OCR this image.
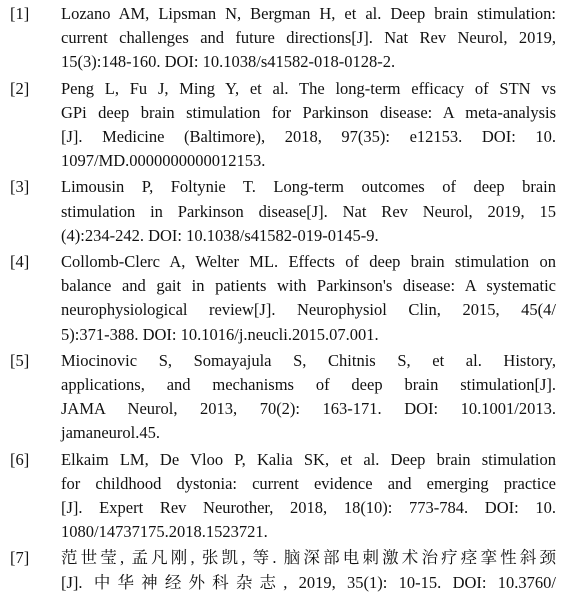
[1] Lozano AM, Lipsman N, Bergman H, et al. Deep brain stimulation:
current challenges and future directions[J]. Nat Rev Neurol, 2019,
15(3):148-160. DOI: 10.1038/s41582-018-0128-2.
[2] Peng L, Fu J, Ming Y, et al. The long-term efficacy of STN vs
GPi deep brain stimulation for Parkinson disease: A meta-analysis
[J]. Medicine (Baltimore), 2018, 97(35): e12153. DOI: 10.
1097/MD.0000000000012153.
[3] Limousin P, Foltynie T. Long-term outcomes of deep brain
stimulation in Parkinson disease[J]. Nat Rev Neurol, 2019, 15
(4):234-242. DOI: 10.1038/s41582-019-0145-9.
[4] Collomb-Clerc A, Welter ML. Effects of deep brain stimulation on
balance and gait in patients with Parkinson's disease: A systematic
neurophysiological review[J]. Neurophysiol Clin, 2015, 45(4/
5):371-388. DOI: 10.1016/j.neucli.2015.07.001.
[5] Miocinovic S, Somayajula S, Chitnis S, et al. History,
applications, and mechanisms of deep brain stimulation[J].
JAMA Neurol, 2013, 70(2): 163-171. DOI: 10.1001/2013.
jamaneurol.45.
[6] Elkaim LM, De Vloo P, Kalia SK, et al. Deep brain stimulation
for childhood dystonia: current evidence and emerging practice
[J]. Expert Rev Neurother, 2018, 18(10): 773-784. DOI: 10.
1080/14737175.2018.1523721.
[7] 范世莹, 孟凡刚, 张凯, 等. 脑深部电刺激术治疗痉挛性斜颈
[J]. 中华神经外科杂志, 2019, 35(1): 10-15. DOI: 10.3760/
